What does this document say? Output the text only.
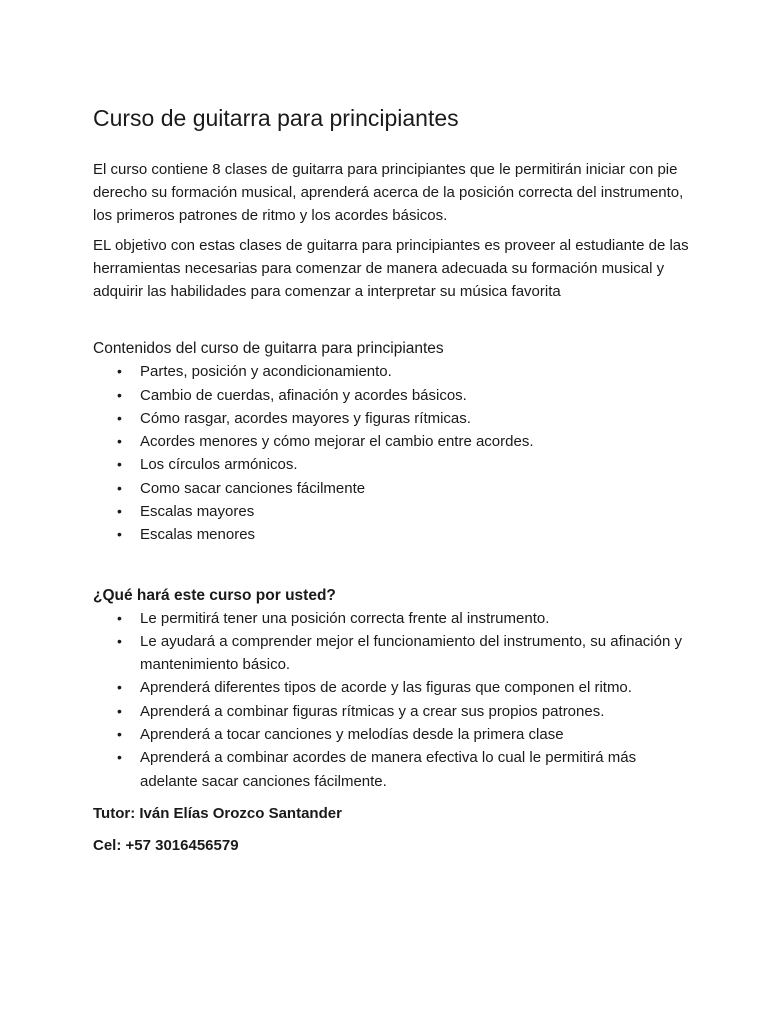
Curso de guitarra para principiantes

El curso contiene 8 clases de guitarra para principiantes que le permitirán iniciar con pie derecho su formación musical, aprenderá acerca de la posición correcta del instrumento, los primeros patrones de ritmo y los acordes básicos.

EL objetivo con estas clases de guitarra para principiantes es proveer al estudiante de las herramientas necesarias para comenzar de manera adecuada su formación musical y adquirir las habilidades para comenzar a interpretar su música favorita

Contenidos del curso de guitarra para principiantes
• Partes, posición y acondicionamiento.
• Cambio de cuerdas, afinación y acordes básicos.
• Cómo rasgar, acordes mayores y figuras rítmicas.
• Acordes menores y cómo mejorar el cambio entre acordes.
• Los círculos armónicos.
• Como sacar canciones fácilmente
• Escalas mayores
• Escalas menores
¿Qué hará este curso por usted?
• Le permitirá tener una posición correcta frente al instrumento.
• Le ayudará a comprender mejor el funcionamiento del instrumento, su afinación y mantenimiento básico.
• Aprenderá diferentes tipos de acorde y las figuras que componen el ritmo.
• Aprenderá a combinar figuras rítmicas y a crear sus propios patrones.
• Aprenderá a tocar canciones y melodías desde la primera clase
• Aprenderá a combinar acordes de manera efectiva lo cual le permitirá más adelante sacar canciones fácilmente.
Tutor: Iván Elías Orozco Santander
Cel: +57 3016456579
